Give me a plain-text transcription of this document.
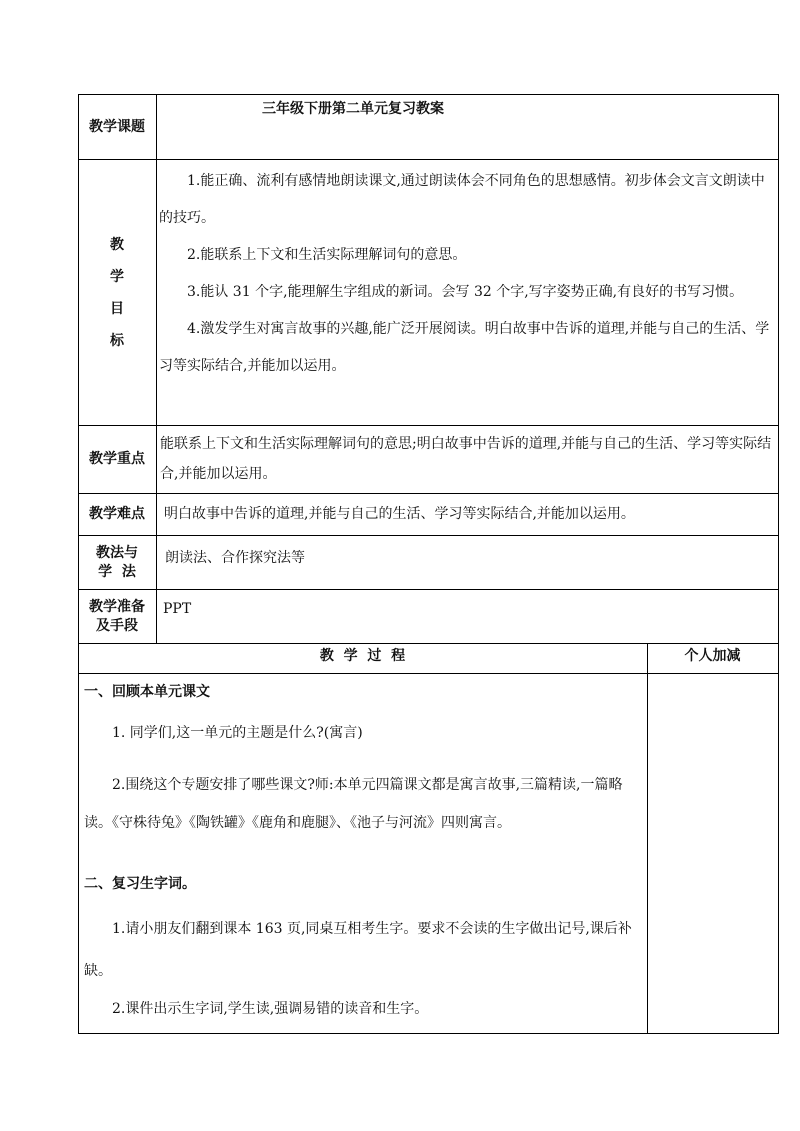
教学课题
三年级下册第二单元复习教案
教
学
目
标

1.能正确、流利有感情地朗读课文,通过朗读体会不同角色的思想感情。初步体会文言文朗读中的技巧。

2.能联系上下文和生活实际理解词句的意思。

3.能认 31 个字,能理解生字组成的新词。会写 32 个字,写字姿势正确,有良好的书写习惯。

4.激发学生对寓言故事的兴趣,能广泛开展阅读。明白故事中告诉的道理,并能与自己的生活、学习等实际结合,并能加以运用。

教学重点
能联系上下文和生活实际理解词句的意思;明白故事中告诉的道理,并能与自己的生活、学习等实际结合,并能加以运用。
教学难点	明白故事中告诉的道理,并能与自己的生活、学习等实际结合,并能加以运用。
教法与
学  法
朗读法、合作探究法等
教学准备
及手段
PPT
教  学  过  程	个人加减
一、回顾本单元课文
1. 同学们,这一单元的主题是什么?(寓言)
2.围绕这个专题安排了哪些课文?师:本单元四篇课文都是寓言故事,三篇精读,一篇略读。《守株待兔》《陶铁罐》《鹿角和鹿腿》、《池子与河流》四则寓言。
二、复习生字词。
1.请小朋友们翻到课本 163 页,同桌互相考生字。要求不会读的生字做出记号,课后补缺。
2.课件出示生字词,学生读,强调易错的读音和生字。
